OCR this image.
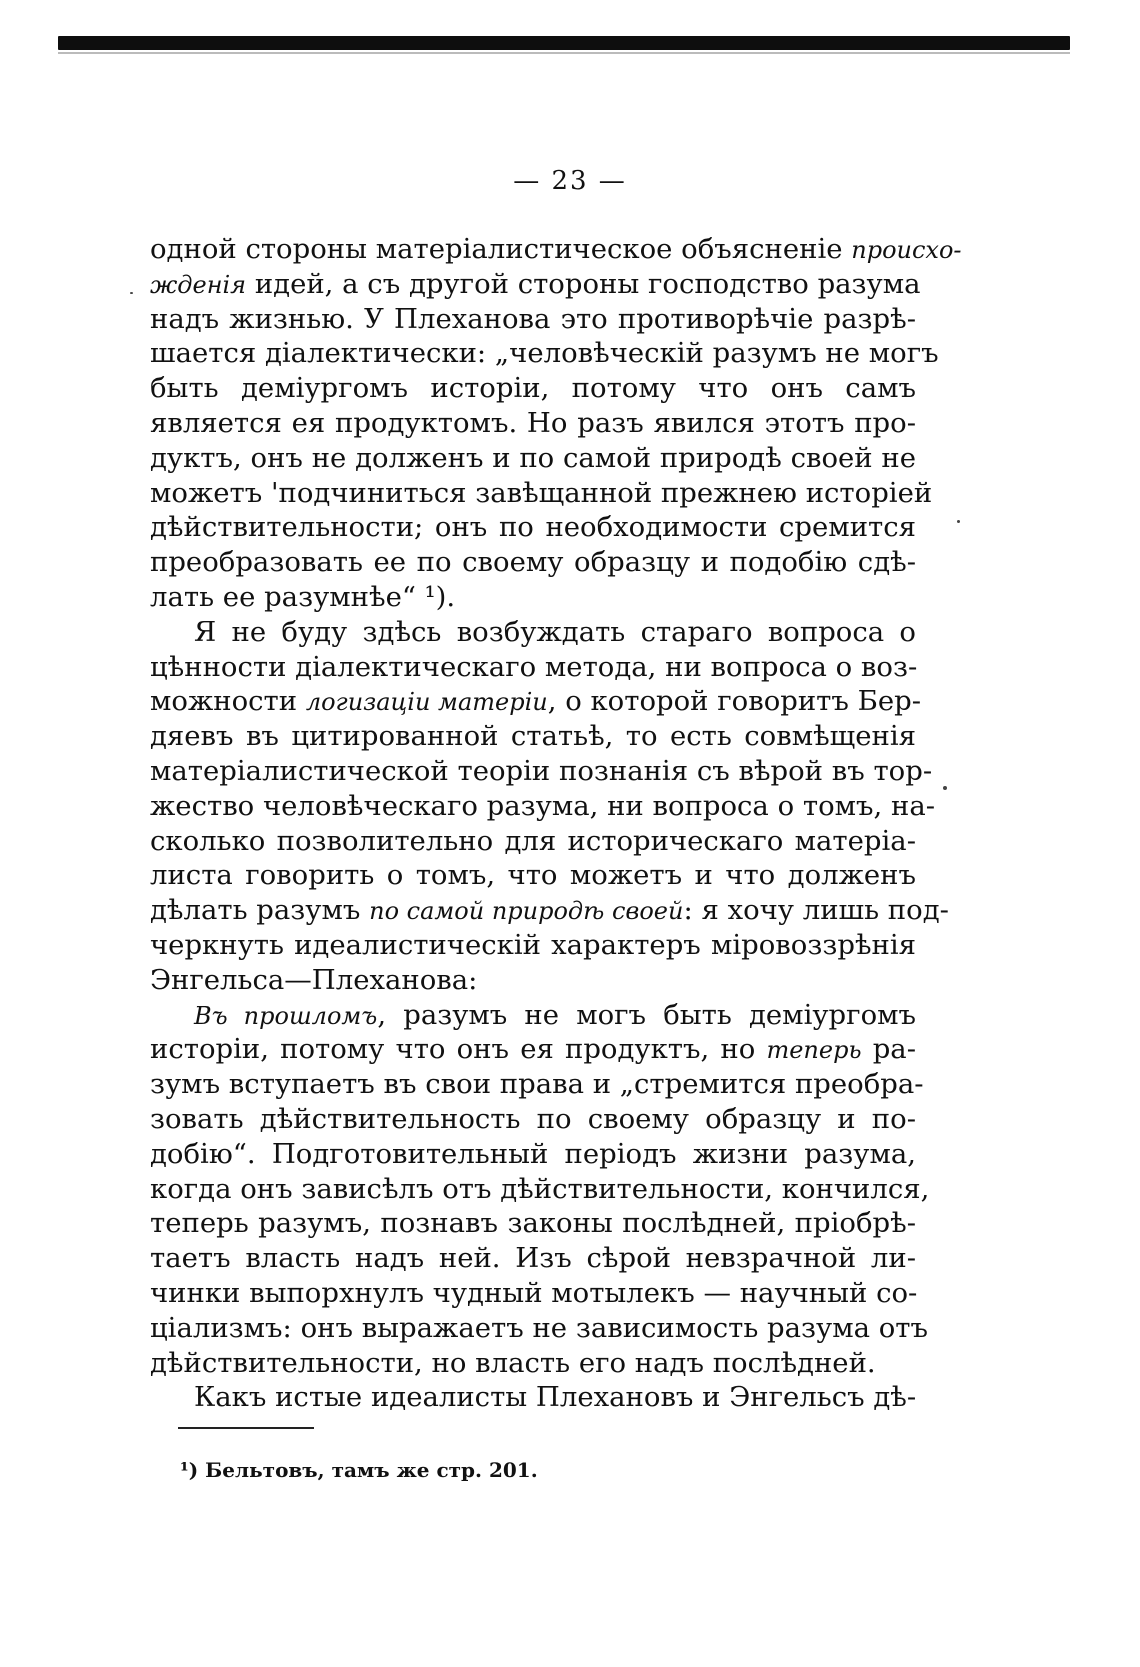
— 23 —
одной стороны матеріалистическое объясненіе происхо-
жденія идей, а съ другой стороны господство разума
надъ жизнью. У Плеханова это противорѣчіе разрѣ-
шается діалектически: „человѣческій разумъ не могъ
быть деміургомъ исторіи, потому что онъ самъ
является ея продуктомъ. Но разъ явился этотъ про-
дуктъ, онъ не долженъ и по самой природѣ своей не
можетъ 'подчиниться завѣщанной прежнею исторіей
дѣйствительности; онъ по необходимости сремится
преобразовать ее по своему образцу и подобію сдѣ-
лать ее разумнѣе“ ¹).
Я не буду здѣсь возбуждать стараго вопроса о
цѣнности діалектическаго метода, ни вопроса о воз-
можности логизаціи матеріи, о которой говоритъ Бер-
дяевъ въ цитированной статьѣ, то есть совмѣщенія
матеріалистической теоріи познанія съ вѣрой въ тор-
жество человѣческаго разума, ни вопроса о томъ, на-
сколько позволительно для историческаго матеріа-
листа говорить о томъ, что можетъ и что долженъ
дѣлать разумъ по самой природѣ своей: я хочу лишь под-
черкнуть идеалистическій характеръ міровоззрѣнія
Энгельса—Плеханова:
Въ прошломъ, разумъ не могъ быть деміургомъ
исторіи, потому что онъ ея продуктъ, но теперь ра-
зумъ вступаетъ въ свои права и „стремится преобра-
зовать дѣйствительность по своему образцу и по-
добію“. Подготовительный періодъ жизни разума,
когда онъ зависѣлъ отъ дѣйствительности, кончился,
теперь разумъ, познавъ законы послѣдней, пріобрѣ-
таетъ власть надъ ней. Изъ сѣрой невзрачной ли-
чинки выпорхнулъ чудный мотылекъ — научный со-
ціализмъ: онъ выражаетъ не зависимость разума отъ
дѣйствительности, но власть его надъ послѣдней.
Какъ истые идеалисты Плехановъ и Энгельсъ дѣ-
¹) Бельтовъ, тамъ же стр. 201.
